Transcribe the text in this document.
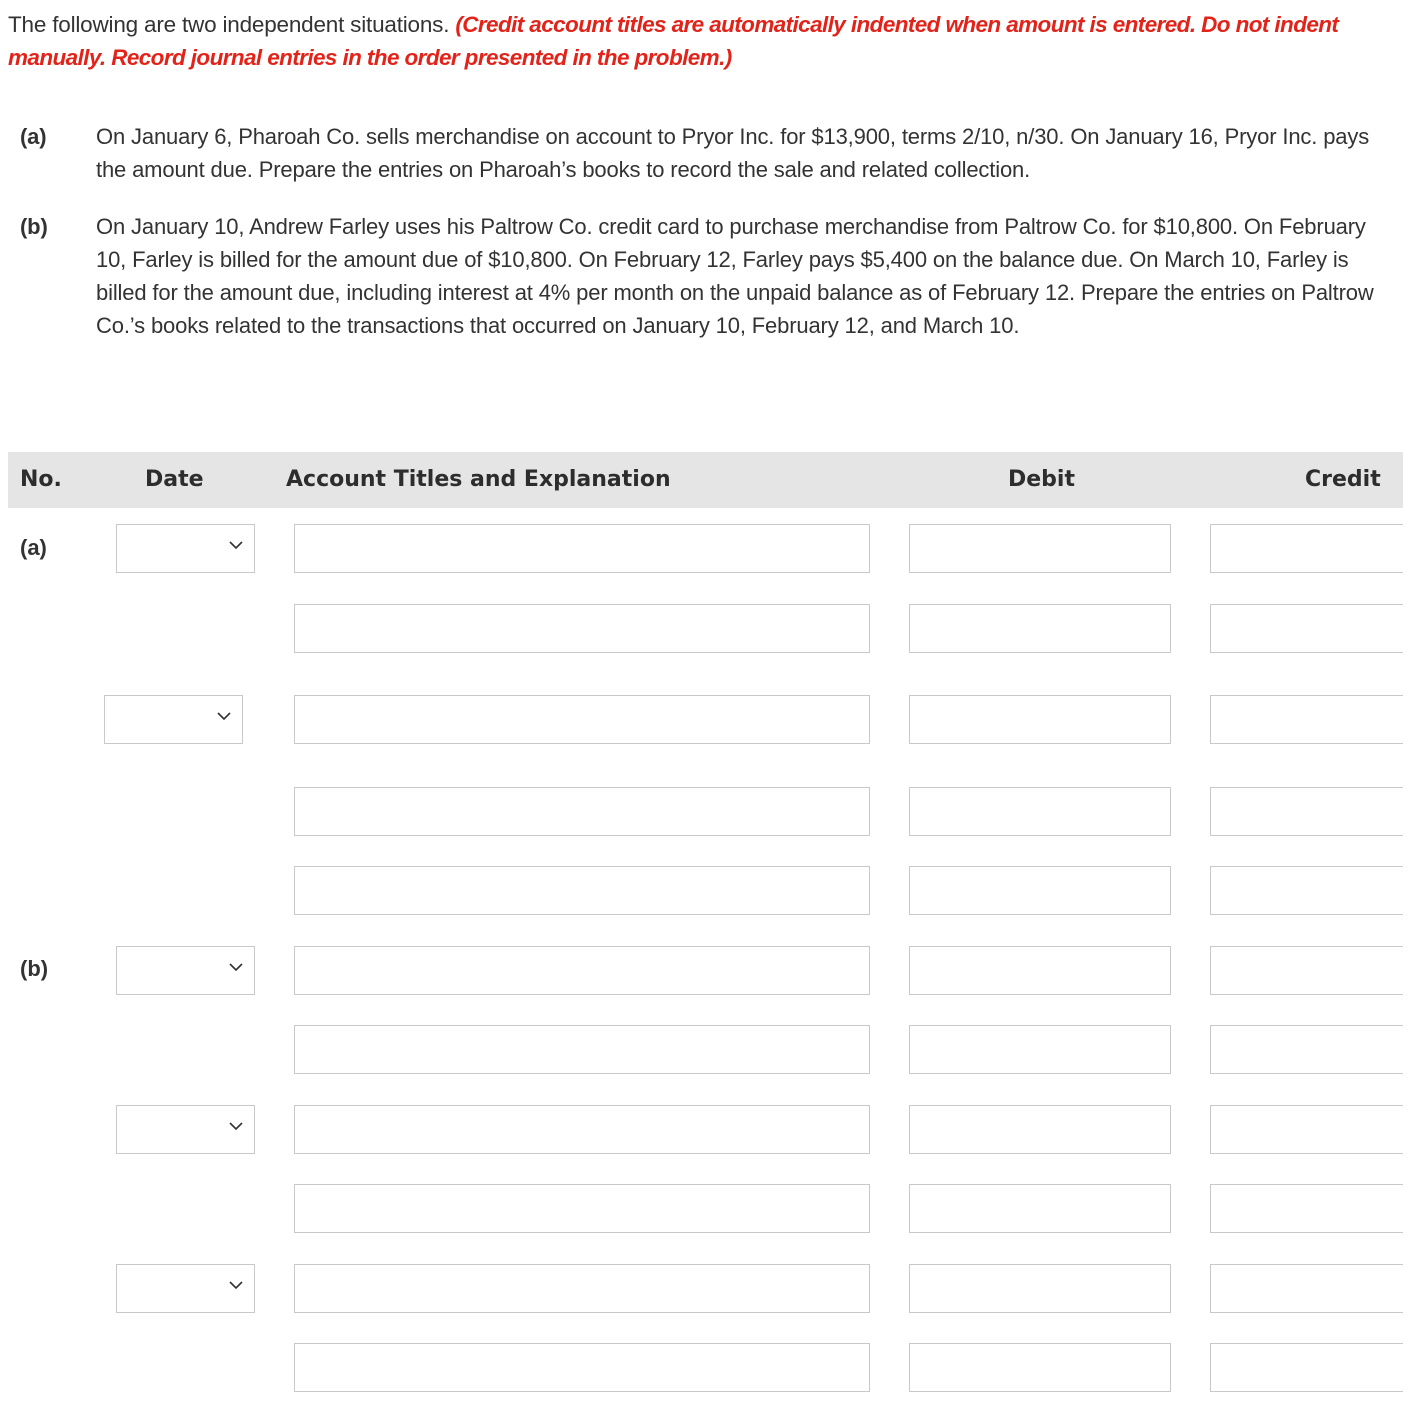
The following are two independent situations. (Credit account titles are automatically indented when amount is entered. Do not indent manually. Record journal entries in the order presented in the problem.)
(a) On January 6, Pharoah Co. sells merchandise on account to Pryor Inc. for $13,900, terms 2/10, n/30. On January 16, Pryor Inc. pays the amount due. Prepare the entries on Pharoah’s books to record the sale and related collection.
(b) On January 10, Andrew Farley uses his Paltrow Co. credit card to purchase merchandise from Paltrow Co. for $10,800. On February 10, Farley is billed for the amount due of $10,800. On February 12, Farley pays $5,400 on the balance due. On March 10, Farley is billed for the amount due, including interest at 4% per month on the unpaid balance as of February 12. Prepare the entries on Paltrow Co.’s books related to the transactions that occurred on January 10, February 12, and March 10.
No.	Date	Account Titles and Explanation	Debit	Credit
(a)
(b)
